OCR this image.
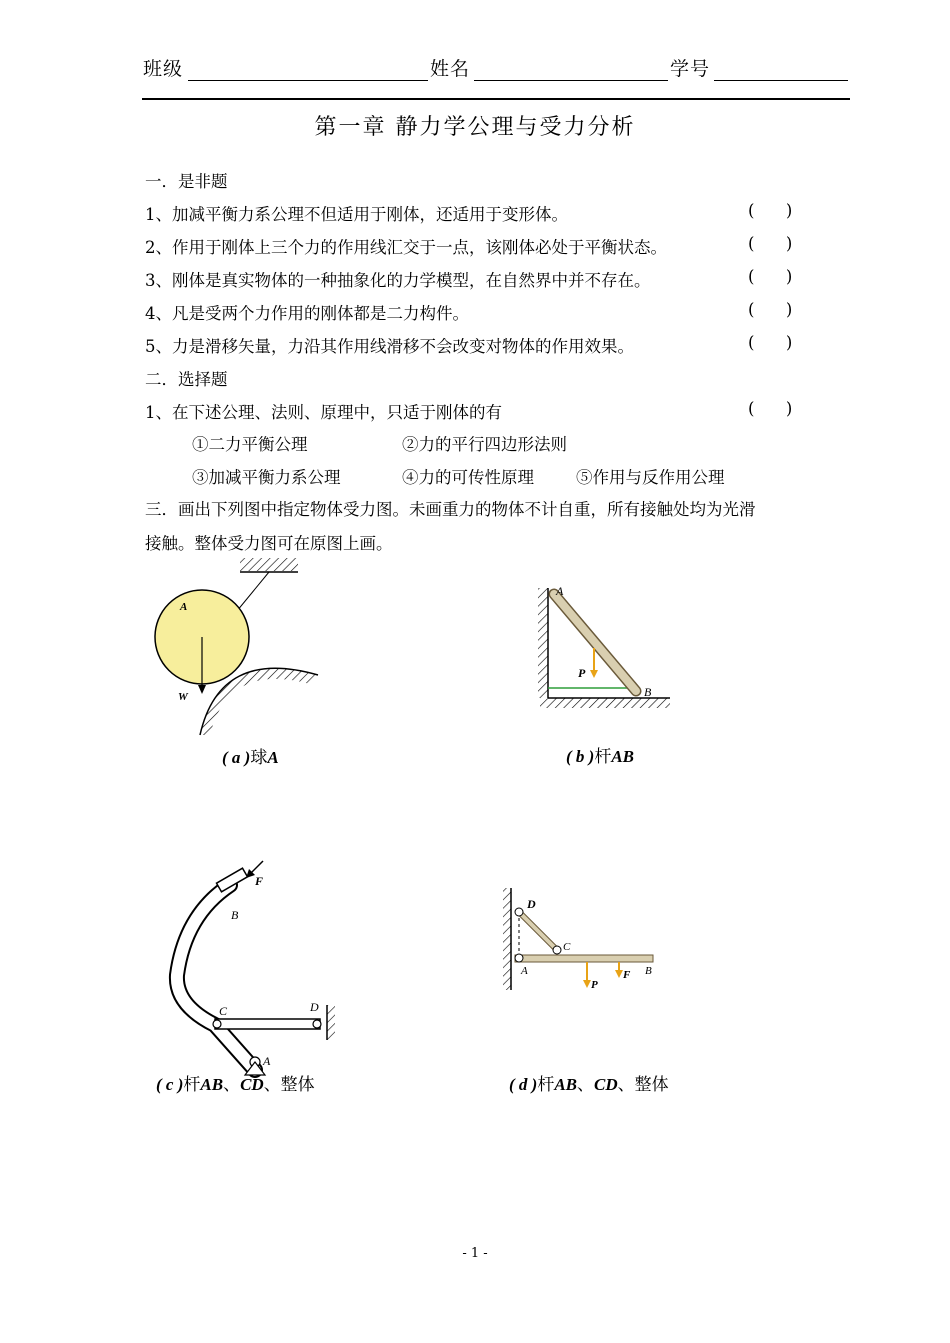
班级	姓名	学号
第一章 静力学公理与受力分析
一．是非题
1、加减平衡力系公理不但适用于刚体，还适用于变形体。	(      )
2、作用于刚体上三个力的作用线汇交于一点，该刚体必处于平衡状态。	(      )
3、刚体是真实物体的一种抽象化的力学模型，在自然界中并不存在。	(      )
4、凡是受两个力作用的刚体都是二力构件。	(      )
5、力是滑移矢量，力沿其作用线滑移不会改变对物体的作用效果。	(      )
二．选择题
1、在下述公理、法则、原理中，只适于刚体的有	(      )
①二力平衡公理	②力的平行四边形法则
③加减平衡力系公理	④力的可传性原理	⑤作用与反作用公理
三．画出下列图中指定物体受力图。未画重力的物体不计自重，所有接触处均为光滑
接触。整体受力图可在原图上画。
A
W
( a )球A
A
B
P
( b )杆AB
F
B
C	D
A
( c )杆AB、CD、整体
D
C
A	B
P
F
( d )杆AB、CD、整体
- 1 -
